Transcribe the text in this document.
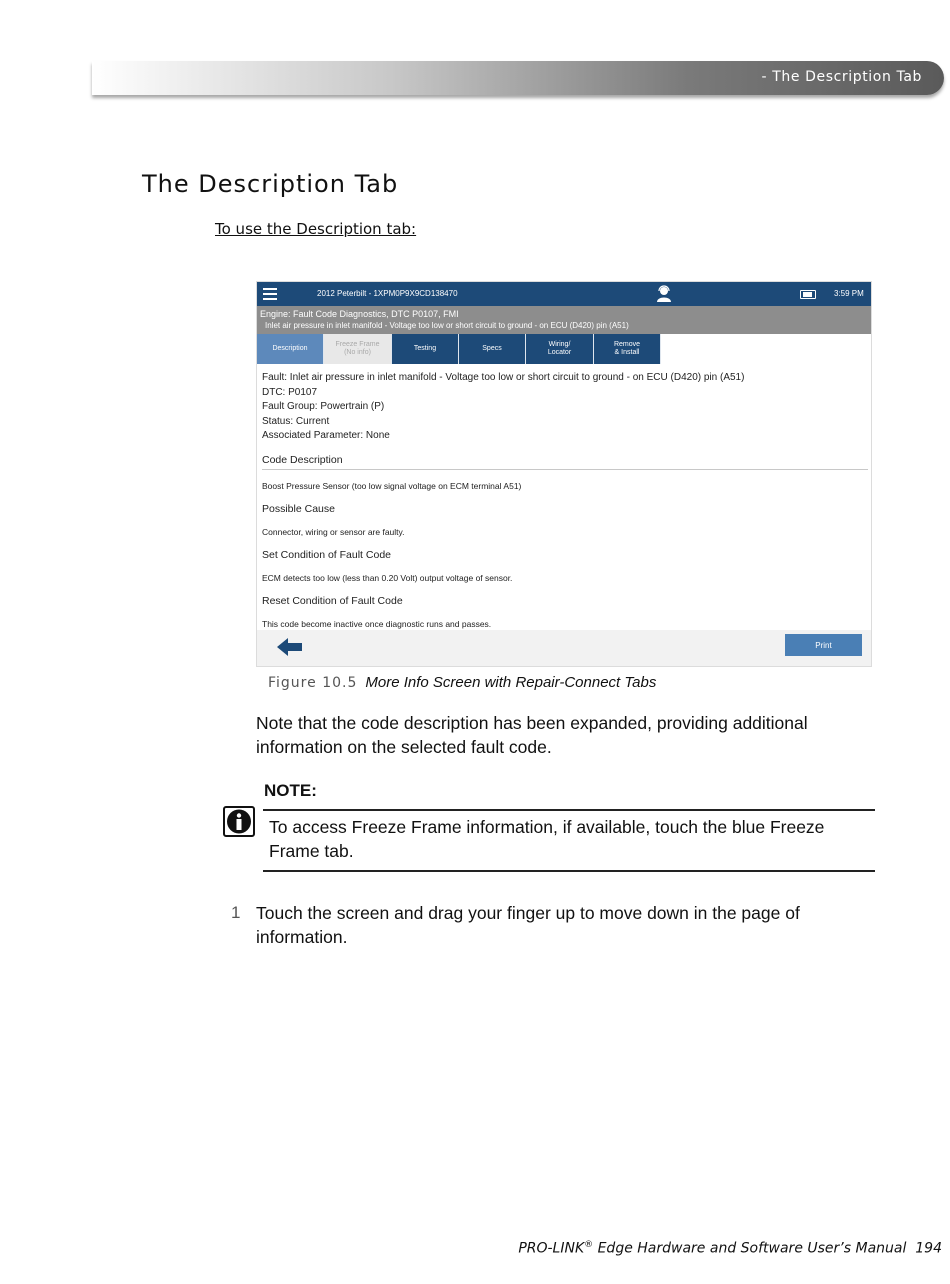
- The Description Tab
The Description Tab
To use the Description tab:
2012 Peterbilt - 1XPM0P9X9CD138470	3:59 PM
Engine: Fault Code Diagnostics, DTC P0107, FMI
Inlet air pressure in inlet manifold - Voltage too low or short circuit to ground - on ECU (D420) pin (A51)
Description
Freeze Frame
(No info)
Testing	Specs
Wiring/
Locator
Remove
& Install
Fault: Inlet air pressure in inlet manifold - Voltage too low or short circuit to ground - on ECU (D420) pin (A51)
DTC: P0107
Fault Group: Powertrain (P)
Status: Current
Associated Parameter: None
Code Description
Boost Pressure Sensor (too low signal voltage on ECM terminal A51)
Possible Cause
Connector, wiring or sensor are faulty.
Set Condition of Fault Code
ECM detects too low (less than 0.20 Volt) output voltage of sensor.
Reset Condition of Fault Code
This code become inactive once diagnostic runs and passes.
Print
Figure 10.5 More Info Screen with Repair-Connect Tabs
Note that the code description has been expanded, providing additional information on the selected fault code.
NOTE:
To access Freeze Frame information, if available, touch the blue Freeze Frame tab.
1 Touch the screen and drag your finger up to move down in the page of information.
PRO-LINK® Edge Hardware and Software User’s Manual 194
